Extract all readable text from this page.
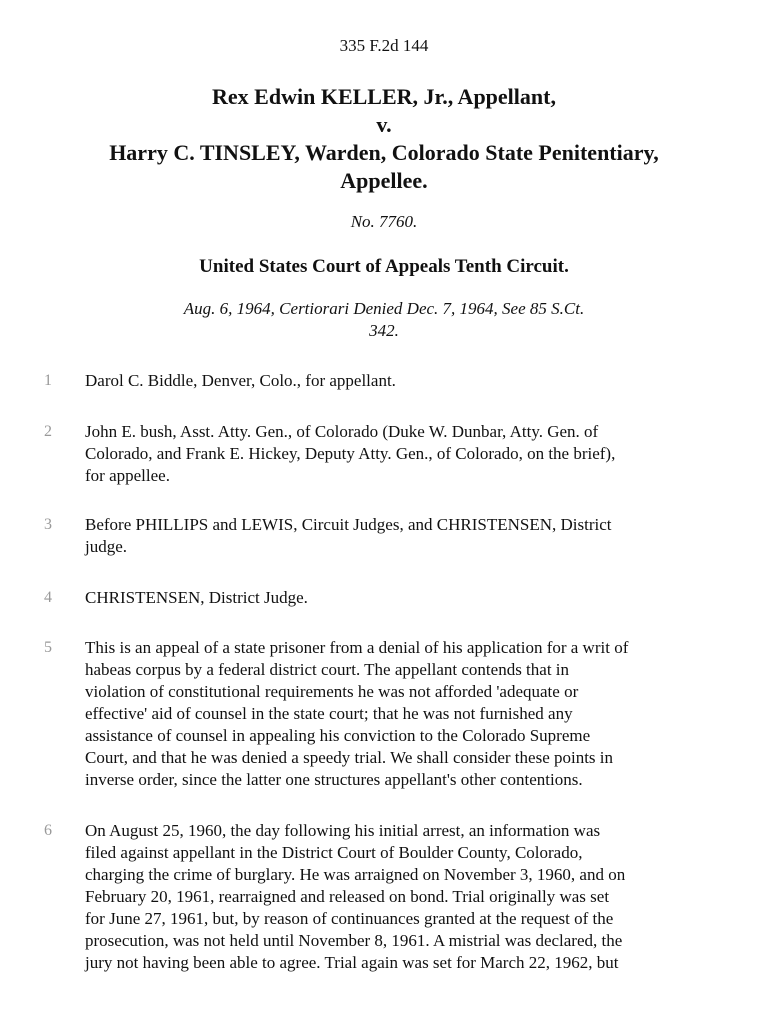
335 F.2d 144
Rex Edwin KELLER, Jr., Appellant,
v.
Harry C. TINSLEY, Warden, Colorado State Penitentiary,
Appellee.
No. 7760.
United States Court of Appeals Tenth Circuit.
Aug. 6, 1964, Certiorari Denied Dec. 7, 1964, See 85 S.Ct.
342.
1	Darol C. Biddle, Denver, Colo., for appellant.
2	John E. bush, Asst. Atty. Gen., of Colorado (Duke W. Dunbar, Atty. Gen. of
Colorado, and Frank E. Hickey, Deputy Atty. Gen., of Colorado, on the brief),
for appellee.
3	Before PHILLIPS and LEWIS, Circuit Judges, and CHRISTENSEN, District
judge.
4	CHRISTENSEN, District Judge.
5	This is an appeal of a state prisoner from a denial of his application for a writ of
habeas corpus by a federal district court. The appellant contends that in
violation of constitutional requirements he was not afforded 'adequate or
effective' aid of counsel in the state court; that he was not furnished any
assistance of counsel in appealing his conviction to the Colorado Supreme
Court, and that he was denied a speedy trial. We shall consider these points in
inverse order, since the latter one structures appellant's other contentions.
6	On August 25, 1960, the day following his initial arrest, an information was
filed against appellant in the District Court of Boulder County, Colorado,
charging the crime of burglary. He was arraigned on November 3, 1960, and on
February 20, 1961, rearraigned and released on bond. Trial originally was set
for June 27, 1961, but, by reason of continuances granted at the request of the
prosecution, was not held until November 8, 1961. A mistrial was declared, the
jury not having been able to agree. Trial again was set for March 22, 1962, but
